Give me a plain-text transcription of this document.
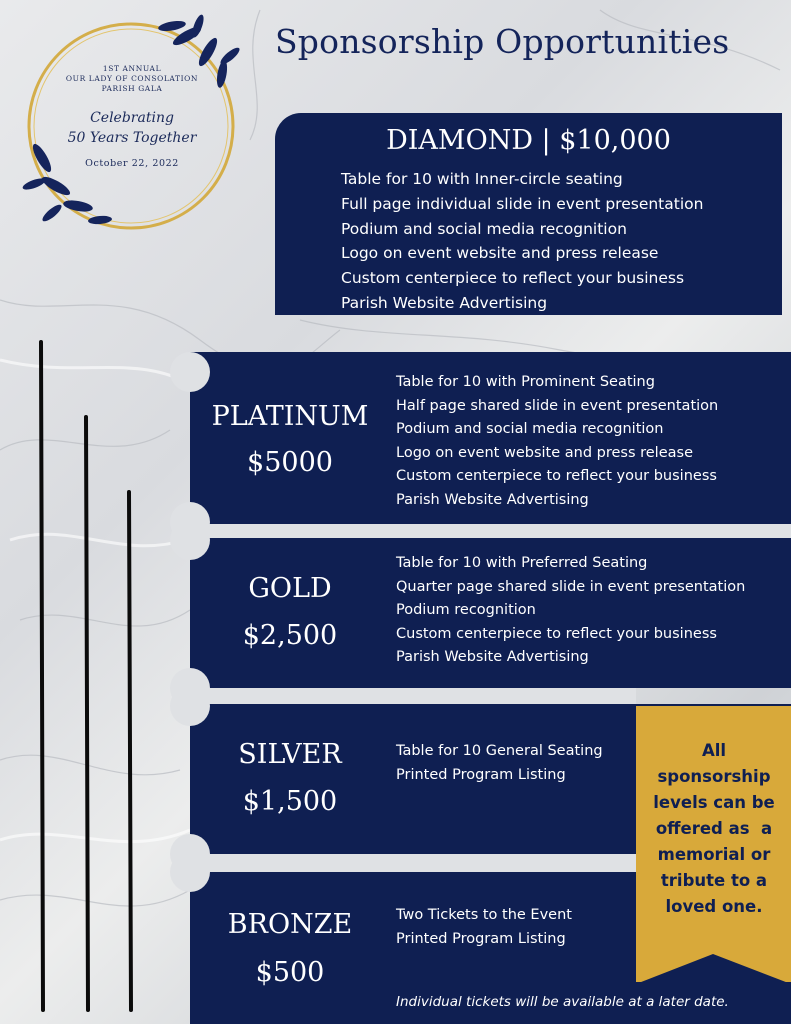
1ST ANNUAL
OUR LADY OF CONSOLATION
PARISH GALA
Celebrating
50 Years Together
October 22, 2022
Sponsorship Opportunities
DIAMOND | $10,000
Table for 10 with Inner-circle seating
Full page individual slide in event presentation
Podium and social media recognition
Logo on event website and press release
Custom centerpiece to reflect your business
Parish Website Advertising
PLATINUM
$5000
Table for 10 with Prominent Seating
Half page shared slide in event presentation
Podium and social media recognition
Logo on event website and press release
Custom centerpiece to reflect your business
Parish Website Advertising
GOLD
$2,500
Table for 10 with Preferred Seating
Quarter page shared slide in event presentation
Podium recognition
Custom centerpiece to reflect your business
Parish Website Advertising
SILVER
$1,500
Table for 10 General Seating
Printed Program Listing
BRONZE
$500
Two Tickets to the Event
Printed Program Listing
All
sponsorship
levels can be
offered as  a
memorial or
tribute to a
loved one.
Individual tickets will be available at a later date.
